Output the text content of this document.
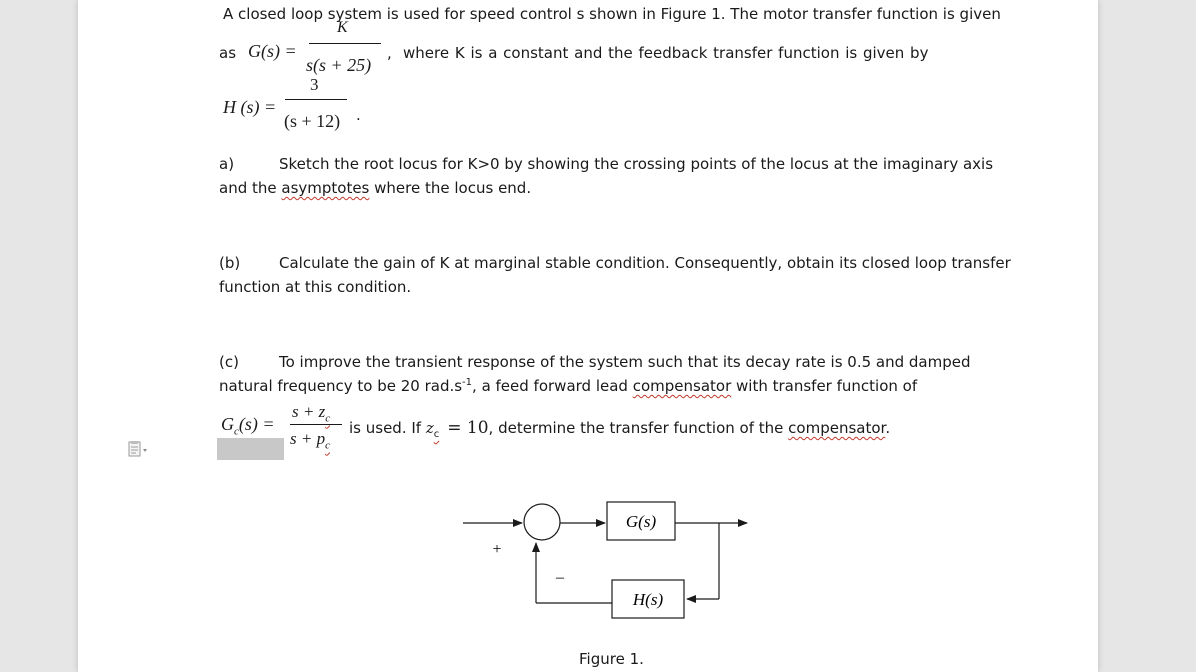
A closed loop system is used for speed control s shown in Figure 1. The motor transfer function is given
as G(s) =
K
s(s + 25)
, where K is a constant and the feedback transfer function is given by
H (s) =
3
(s + 12) .
a)	Sketch the root locus for K>0 by showing the crossing points of the locus at the imaginary axis
and the asymptotes where the locus end.
(b)	Calculate the gain of K at marginal stable condition. Consequently, obtain its closed loop transfer
function at this condition.
(c)	To improve the transient response of the system such that its decay rate is 0.5 and damped
natural frequency to be 20 $rad.s^{-1}$, a feed forward lead compensator with transfer function of
$G_c(s)$ =
$s + z_c$
$s + p_c$
is used. If $z_c = 10$, determine the transfer function of the compensator.
G(s)
H(s)
+
–
Figure 1.
